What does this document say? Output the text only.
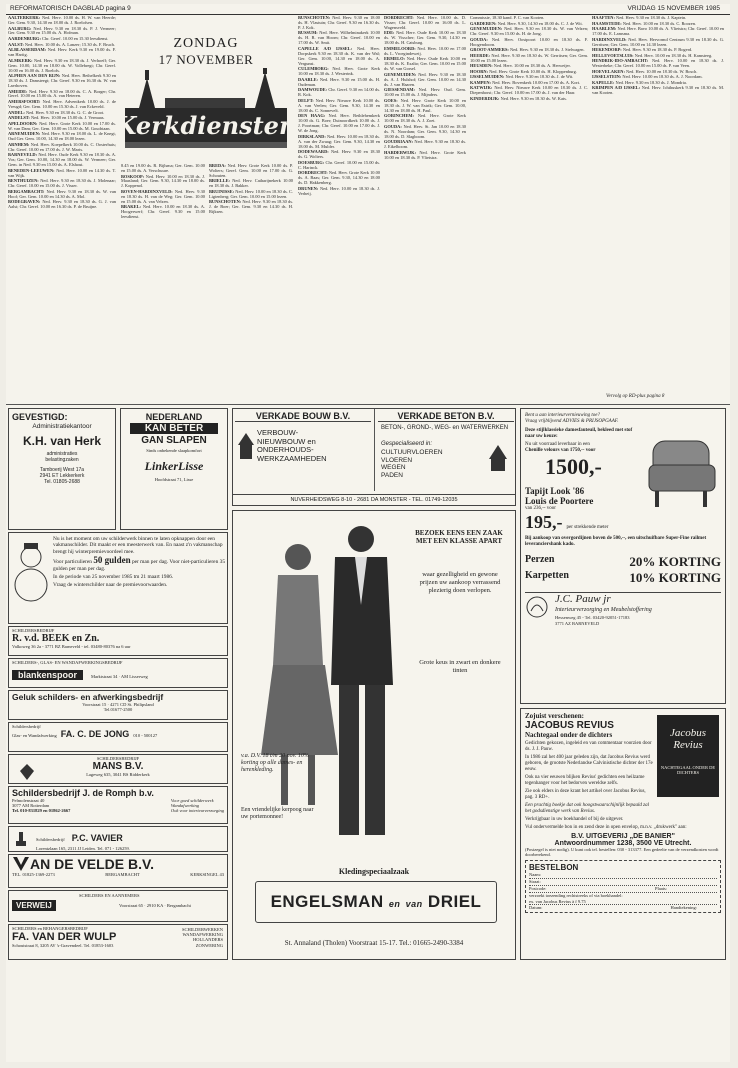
REFORMATORISCH DAGBLAD pagina 9	VRIJDAG 15 NOVEMBER 1985

AALTERKERK: Ned. Herv. 10.00 ds. H. W. van Heerde; Ger. Gem. 9.30, 14.30 en 18.00 ds. J. Roelofsen.

AALBURG: Ned. Herv. 9.30 en 18.30 ds. P. J. Vermeer; Ger. Gem. 9.30 en 15.00 ds. A. Hofman.

AARDENBURG: Chr. Geref. 10.00 en 15.30 leesdienst.

AALST: Ned. Herv. 10.00 ds. A. Lanzer; 15.30 ds. F. Bruch.

ALBLASSERDAM: Ned. Herv. Kerk 9.30 en 19.00 ds. F. van Hartig.

ALMKERK: Ned. Herv. 9.30 en 18.30 ds. J. Verhoeff; Ger. Gem. 10.00, 14.30 en 18.00 ds. W. Vollebregt; Chr. Geref. 10.00 en 16.00 ds. J. Roelofs.

ALPHEN AAN DEN RIJN: Ned. Herv. Bethelkerk 9.30 en 18.30 ds. J. Damsteegt; Chr. Geref. 9.30 en 16.30 ds. W. van Laerhoven.

AMEIDE: Ned. Herv. 9.30 en 18.00 ds. C. A. Borger; Chr. Geref. 10.00 en 15.00 ds. A. van Heteren.

AMERSFOORT: Ned. Herv. Adventkerk 10.00 ds. J. de Vreugd; Ger. Gem. 10.00 en 15.30 ds. J. van Eckeveld.

ANDEL: Ned. Herv. 9.30 en 18.30 ds. G. C. de Groot.

ANDELST: Ned. Herv. 10.00 en 15.00 ds. J. Vermaas.

APELDOORN: Ned. Herv. Grote Kerk 10.00 en 17.00 ds. W. van Dam; Ger. Gem. 10.00 en 15.00 ds. M. Goudriaan.

ARNEMUIDEN: Ned. Herv. 9.30 en 18.00 ds. L. de Knegt; Oud Ger. Gem. 10.00, 14.30 en 18.00 lezen.

ARNHEM: Ned. Herv. Koepelkerk 10.00 ds. C. Oosterhuis; Chr. Geref. 10.00 en 17.00 ds. J. W. Maris.

BARNEVELD: Ned. Herv. Oude Kerk 9.30 en 18.30 ds. A. Vos; Ger. Gem. 10.00, 14.30 en 18.00 ds. W. Vermeer; Ger. Gem. in Ned. 9.30 en 15.00 ds. A. Elshout.

BENEDEN-LEEUWEN: Ned. Herv. 10.00 en 14.30 ds. T. van Wijk.

BENTHUIZEN: Ned. Herv. 9.30 en 18.30 ds. J. Molenaar; Chr. Geref. 10.00 en 15.00 ds. J. Visser.

BERGAMBACHT: Ned. Herv. 9.30 en 18.30 ds. W. van Hoof; Ger. Gem. 10.00 en 14.30 ds. A. Mol.

BODEGRAVEN: Ned. Herv. 9.30 en 18.30 ds. G. J. van Aalst; Chr. Geref. 10.00 en 16.30 ds. P. de Bruijne.

ZONDAG
17 NOVEMBER
Kerkdiensten

8.45 en 19.00 ds. R. Bijlsma; Ger. Gem. 10.00 en 15.00 ds. A. Verschuure.

BOSKOOP: Ned. Herv. 10.00 en 18.30 ds. J. Maasland; Ger. Gem. 9.30, 14.30 en 18.00 ds. J. Koppenol.

BOVEN-HARDINXVELD: Ned. Herv. 9.30 en 18.30 ds. H. van de Weg; Ger. Gem. 10.00 en 15.00 ds. A. van Velzen.

BRAKEL: Ned. Herv. 10.00 en 18.30 ds. A. Hoogerwerf; Chr. Geref. 9.30 en 15.00 leesdienst.

BREDA: Ned. Herv. Grote Kerk 10.00 ds. P. Wolters; Geref. Gem. 10.00 en 17.00 ds. G. Schouten.

BRIELLE: Ned. Herv. Catharijnekerk 10.00 en 18.30 ds. J. Bakker.

BRUINISSE: Ned. Herv. 10.00 en 18.30 ds. C. Ligtenberg; Ger. Gem. 10.00 en 15.00 lezen.

BUNSCHOTEN: Ned. Herv. 9.30 en 18.30 ds. J. de Boer; Ger. Gem. 9.30 en 14.30 ds. H. Rijksen.

BUNSCHOTEN: Ned. Herv. 9.30 en 18.00 ds. H. Vlastuin; Chr. Geref. 9.30 en 16.30 ds. P. J. Kok.

BUSSUM: Ned. Herv. Wilhelminakerk 10.00 ds. H. R. van Hoorn; Chr. Geref. 10.00 en 17.00 ds. W. Smit.

CAPELLE A/D IJSSEL: Ned. Herv. Dorpskerk 9.30 en 18.30 ds. K. van der Wal; Ger. Gem. 10.00, 14.30 en 18.00 ds. A. Vergunst.

CULEMBORG: Ned. Herv. Grote Kerk 10.00 en 18.30 ds. J. Westerink.

DAARLE: Ned. Herv. 9.30 en 15.00 ds. H. Oudeman.

DAMWOUDE: Chr. Geref. 9.30 en 14.00 ds. R. Kok.

DELFT: Ned. Herv. Nieuwe Kerk 10.00 ds. A. van Veelen; Ger. Gem. 9.30, 14.30 en 18.00 ds. C. Sonnevelt.

DEN HAAG: Ned. Herv. Bethlehemkerk 10.00 ds. G. Boer; Duinoordkerk 10.00 ds. J. J. Poortman; Chr. Geref. 10.00 en 17.00 ds. J. W. de Jong.

DIRKSLAND: Ned. Herv. 10.00 en 18.30 ds. A. van der Zwaag; Ger. Gem. 9.30, 14.30 en 18.00 ds. M. Mulder.

DODEWAARD: Ned. Herv. 9.30 en 18.30 ds. G. Wolters.

DOESBURG: Chr. Geref. 10.00 en 15.00 ds. C. Harinck.

DORDRECHT: Ned. Herv. Grote Kerk 10.00 ds. A. Baas; Ger. Gem. 9.30, 14.30 en 18.00 ds. D. Hakkenberg.

DRUNEN: Ned. Herv. 10.00 en 18.30 ds. J. Verheij.

DORDRECHT: Ned. Herv. 10.00 ds. D. Visser; Chr. Geref. 10.00 en 16.00 ds. L. Wagensveld.

EDE: Ned. Herv. Oude Kerk 10.00 en 18.30 ds. W. Visscher; Ger. Gem. 9.30, 14.30 en 18.00 ds. H. Catsburg.

EMMELOORD: Ned. Herv. 10.00 en 17.00 ds. L. Vroegindeweij.

ERMELO: Ned. Herv. Oude Kerk 10.00 en 18.30 ds. K. Exalto; Ger. Gem. 10.00 en 15.00 ds. W. van Gorsel.

GENEMUIDEN: Ned. Herv. 9.30 en 18.30 ds. A. J. Hulshof; Ger. Gem. 10.00 en 14.30 ds. J. van Haaren.

GIESSENDAM: Ned. Herv. Oud. Gem. 10.00 en 15.00 ds. J. Mijnders.

GOES: Ned. Herv. Grote Kerk 10.00 en 18.30 ds. J. W. van Estrik; Ger. Gem. 10.00, 14.30 en 18.00 ds. H. Paul.

GORINCHEM: Ned. Herv. Grote Kerk 10.00 en 18.30 ds. A. J. Zoet.

GOUDA: Ned. Herv. St. Jan 10.00 en 18.30 ds. N. Noordam; Ger. Gem. 9.30, 14.30 en 18.00 ds. D. Slagboom.

GOUDRIAAN: Ned. Herv. 9.30 en 18.30 ds. J. Eikelboom.

HARDERWIJK: Ned. Herv. Grote Kerk 10.00 en 18.30 ds. P. Vlietstra.

Commissie, 18.30 kand. P. C. van Kooten.

GARDEREN: Ned. Herv. 9.30, 14.30 en 18.00 ds. C. J. de Wit.

GENEMUIDEN: Ned. Herv. 9.30 en 18.30 ds. W. van Velzen; Chr. Geref. 9.30 en 15.00 ds. H. de Jong.

GOUDA: Ned. Herv. Oostpoort 10.00 en 18.30 ds. F. Hoogendoorn.

GROOT-AMMERS: Ned. Herv. 9.30 en 18.30 ds. J. Stelwagen.

HEERDE: Ned. Herv. 9.30 en 18.30 ds. W. Gerritsen; Ger. Gem. 10.00 en 15.00 lezen.

HEUSDEN: Ned. Herv. 10.00 en 18.30 ds. A. Herweijer.

HOORN: Ned. Herv. Grote Kerk 10.00 ds. H. Kloppenburg.

IJSSELMUIDEN: Ned. Herv. 9.30 en 18.30 ds. J. de Wit.

KAMPEN: Ned. Herv. Bovenkerk 10.00 en 17.00 ds. A. Kort.

KATWIJK: Ned. Herv. Nieuwe Kerk 10.00 en 18.30 ds. J. C. Diepenhorst; Chr. Geref. 10.00 en 17.00 ds. J. van der Haar.

KINDERDIJK: Ned. Herv. 9.30 en 18.30 ds. W. Kats.

HAAFTEN: Ned. Herv. 9.30 en 18.30 ds. J. Kaptein.

HAAMSTEDE: Ned. Herv. 10.00 en 18.30 ds. C. Roozen.

HAARLEM: Ned. Herv. Bavo 10.00 ds. A. Vlietstra; Chr. Geref. 10.00 en 17.00 ds. E. Lamsma.

HARDINXVELD: Ned. Herv. Hervormd Centrum 9.30 en 18.30 ds. G. Gerritsen; Ger. Gem. 10.00 en 14.30 lezen.

HEKENDORP: Ned. Herv. 9.30 en 18.30 ds. P. Bogerd.

HELLEVOETSLUIS: Ned. Herv. 10.00 en 18.30 ds. H. Kamsteeg.

HENDRIK-IDO-AMBACHT: Ned. Herv. 10.00 en 18.30 ds. J. Westerbeke; Chr. Geref. 10.00 en 15.00 ds. P. van Veen.

HOEVELAKEN: Ned. Herv. 10.00 en 18.30 ds. W. Bosch.

IJSSELSTEIN: Ned. Herv. 10.00 en 18.30 ds. A. J. Noordam.

KAPELLE: Ned. Herv. 9.30 en 18.30 ds. J. Mondria.

KRIMPEN A/D IJSSEL: Ned. Herv. Ichthuskerk 9.30 en 18.30 ds. M. van Kooten.

Vervolg op RD-plus pagina 8
GEVESTIGD:
Administratiekantoor
K.H. van Herk
administraties
belastingzaken
Tamboerij West 17a
2941 ET Lekkerkerk
Tel. 01805-2688
NEDERLAND
KAN BETER
GAN SLAPEN
Sinds onbekende slaapkomfort
LinkerLisse
Hoofdstraat 71, Lisse
VERKADE BOUW B.V.
VERBOUW-
NIEUWBOUW en
ONDERHOUDS-
WERKZAAMHEDEN
VERKADE BETON B.V.
BETON-, GROND-, WEG- en WATERWERKEN
Gespecialiseerd in:
CULTUURVLOEREN
VLOEREN
WEGEN
PADEN
NUVERHEIDSWEG 8-10 - 2681 DA MONSTER - TEL. 01749-12035
Bent u aan interieurvernieuwing toe?
Vraag vrijblijvend ADVIES & PRIJSOPGAAF.
Deze stijlklassieke damesfauteuil, bekleed met stof naar uw keuze:
Nu uit voorraad leverbaar in een
Chenille velours van 1750,-- voor
1500,-
Tapijt Look '86
Louis de Poortere
van 236,-- voor
195,- per strekkende meter
Bij aankoop van overgordijnen boven de 500,--, een uitschuifbare Super-Fine railmet leveranciershank kado.
Perzen	20% KORTING
Karpetten	10% KORTING
J.C. Pauw jr
Interieurverzorging en Meubelstoffering
Hessenweg 45 - Tel. 03420-92051-17183
3771 AZ BARNEVELD
Nu is het moment om uw schilderwerk binnen te laten opknappen door een vakmanschilder. Dit maakt er een meesterwerk van. En naast z'n vakmanschap brengt hij winterpremievoordeel mee.
Voor particulieren 50 gulden per man per dag. Voor niet-particulieren 35 gulden per man per dag.
In de periode van 25 november 1985 tm 21 maart 1986.
Vraag de winterschilder naar de premievoorwaarden.
SCHILDERSBEDRIJF
R. v.d. BEEK en Zn.
Valkoweg 36 2a - 3771 BZ Barneveld - tel. 03480-80376 na 6 uur
SCHILDERS-, GLAS- EN WANDAFWERKINGSBEDRIJF
blankenspoor	Marktstraat 34 · AM Lisserweg
Geluk schilders- en afwerkingsbedrijf
Voorstraat 15 · 4271 CD St. Philipsland
Tel.01677-2500
Schildersbedrijf
Glas- en Wandafwerking FA. C. DE JONG 010 - 500127
SCHILDERSBEDRIJF
MANS B.V.
Lageweg 635, 3041 BS Ridderkerk
Schildersbedrijf J. de Romph b.v.
Pelmolenstraat 40
3077 AM Rotterdam
Tel. 010-831829 en 01862-2667
Voor goed schilderwerk
Wandafwerking
Ook voor interieurverzorging
Schildersbedrijf P.C. VAVIER
Lorentzlaan 165, 2311 JJ Leiden. Tel. 071 - 126259.
AN DE VELDE B.V.
TEL. 01825-1369-2273	BERGAMBACHT	KERKSINGEL 43
VERWEIJ
SCHILDERS EN AANNEMERS
Voorstraat 65 · 2910 KA · Bergambacht
SCHILDERS en BEHANGERSBEDRIJF
FA. VAN DER WULP
Schoutstraat 8, 3205 AV 's-Gravendeel. Tel. 01853-1603
SCHILDERWERKEN
WANDAFWERKING
HOLLANDERS
ZONWERING
BEZOEK EENS EEN ZAAK MET EEN KLASSE APART
waar gezelligheid en gewone prijzen uw aankoop verrassend plezierig doen verlopen.
Grote keus in zwart en donkere tinten
v.a. D.V. 18 t/m 20 nov. 10% korting op alle dames- en herenkleding.
Een vriendelijke kerpoog naar uw portemonnee!
Kledingspeciaalzaak
ENGELSMAN en van DRIEL
St. Annaland (Tholen) Voorstraat 15-17. Tel.: 01665-2490-3384
Zojuist verschenen:
JACOBUS REVIUS
Nachtegaal onder de dichters

Gedichten gekozen, ingeleid en van commentaar voorzien door ds. J. J. Pauw.

In 1986 zal het 400 jaar geleden zijn, dat Jacobus Revius werd geboren, de grootste Nederlandse Calvinistische dichter der 17e eeuw.

Ook na vier eeuwen blijken Revius' gedichten een heilzame tegenhanger voor het bedorven wereldse zelfs.

Zie ook elders in deze krant het artikel over Jacobus Revius, pag. 3 RD+.

Een prachtig boekje dat ook hoogstwaarschijnlijk bepaald zal het godsdienstige werk van Revius.

Verkrijgbaar in uw boekhandel of bij de uitgever.

Jacobus
Revius
NACHTEGAAL ONDER DE DICHTERS
Vul ondervermelde bon in en zend deze in open envelop, m.n.v. „drukwerk" aan:
B.V. UITGEVERIJ „DE BANIER"
Antwoordnummer 1238, 3500 VE Utrecht.
(Postzegel is niet nodig). U kunt ook tel. bestellen: 030 - 313377. Een gedeelte van de verzendkosten wordt doorberekend.
BESTELBON
Naam:
Straat:
Postcode:	Plaats:
verzoekt toezending rechtstreeks of via boekhandel:
ex. van Jacobus Revius à f 9.75
Datum:	Handtekening:
